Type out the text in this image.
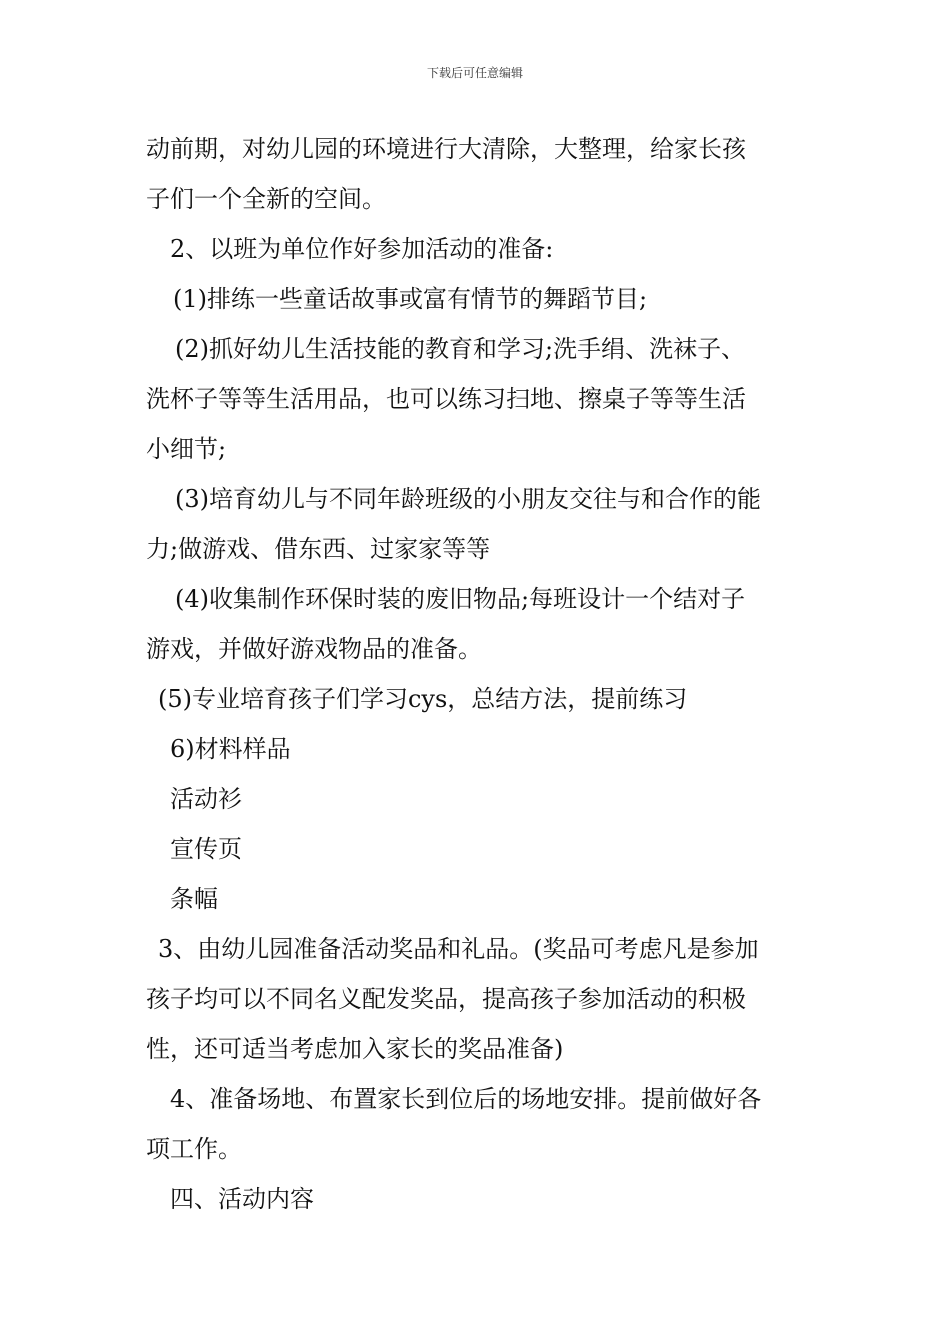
下载后可任意编辑
动前期，对幼儿园的环境进行大清除，大整理，给家长孩
子们一个全新的空间。
2、以班为单位作好参加活动的准备:
(1)排练一些童话故事或富有情节的舞蹈节目;
(2)抓好幼儿生活技能的教育和学习;洗手绢、洗袜子、
洗杯子等等生活用品，也可以练习扫地、擦桌子等等生活
小细节;
(3)培育幼儿与不同年龄班级的小朋友交往与和合作的能
力;做游戏、借东西、过家家等等
(4)收集制作环保时装的废旧物品;每班设计一个结对子
游戏，并做好游戏物品的准备。
(5)专业培育孩子们学习cys，总结方法，提前练习
6)材料样品
活动衫
宣传页
条幅
3、由幼儿园准备活动奖品和礼品。(奖品可考虑凡是参加
孩子均可以不同名义配发奖品，提高孩子参加活动的积极
性，还可适当考虑加入家长的奖品准备)
4、准备场地、布置家长到位后的场地安排。提前做好各
项工作。
四、活动内容
